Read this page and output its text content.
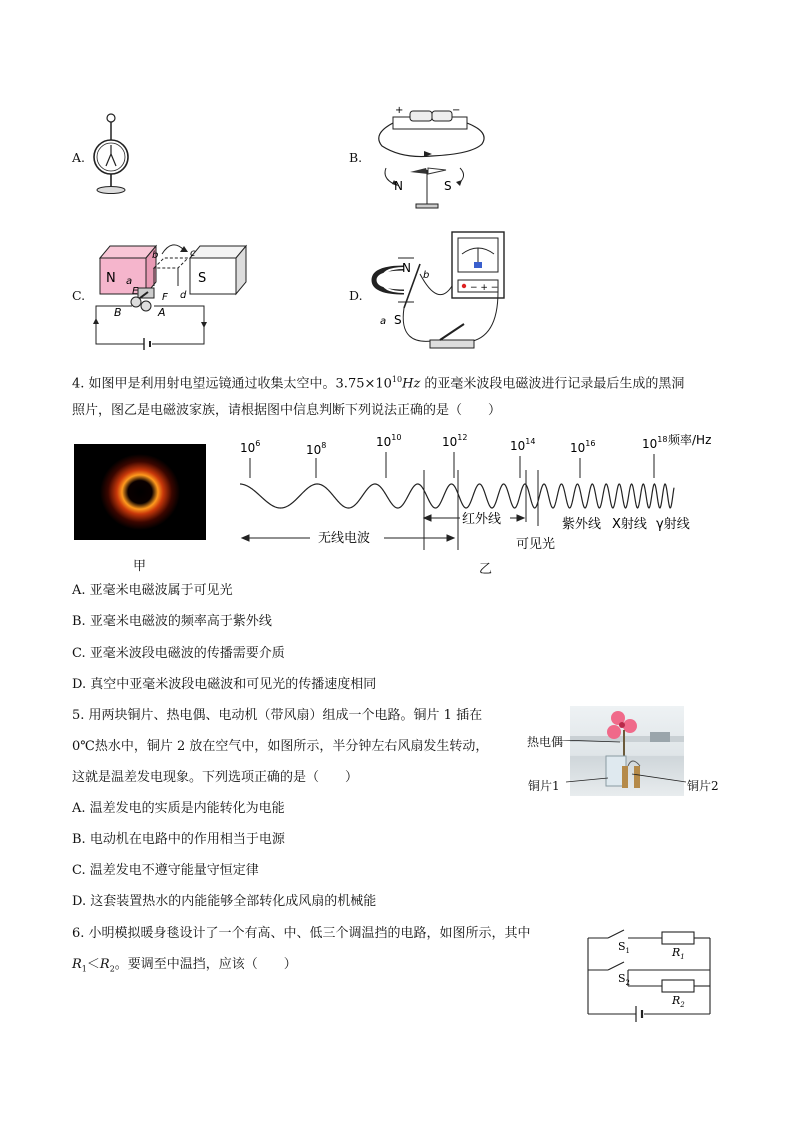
A.	B.
+	−
N	S
C.
N	S
b	c
a
d
E
F
B	A
D.
N
S
b
a
− + −
4. 如图甲是利用射电望远镜通过收集太空中。$3.75\times 10^{10}Hz$ 的亚毫米波段电磁波进行记录最后生成的黑洞
照片，图乙是电磁波家族，请根据图中信息判断下列说法正确的是（　　）
甲
$10^6$	$10^8$	$10^{10}$	$10^{12}$
$10^{14}$	$10^{16}$	$10^{18}$ 频率/Hz
无线电波
红外线
可见光
紫外线 X射线 γ射线
乙
A. 亚毫米电磁波属于可见光
B. 亚毫米电磁波的频率高于紫外线
C. 亚毫米波段电磁波的传播需要介质
D. 真空中亚毫米波段电磁波和可见光的传播速度相同
5. 用两块铜片、热电偶、电动机（带风扇）组成一个电路。铜片 1 插在
0℃热水中，铜片 2 放在空气中，如图所示，半分钟左右风扇发生转动，
这就是温差发电现象。下列选项正确的是（　　）
热电偶
铜片1	铜片2
A. 温差发电的实质是内能转化为电能
B. 电动机在电路中的作用相当于电源
C. 温差发电不遵守能量守恒定律
D. 这套装置热水的内能能够全部转化成风扇的机械能
6. 小明模拟暖身毯设计了一个有高、中、低三个调温挡的电路，如图所示，其中
$R_1<R_2$。要调至中温挡，应该（　　）
$S_1$
$S_2$
$R_1$
$R_2$
